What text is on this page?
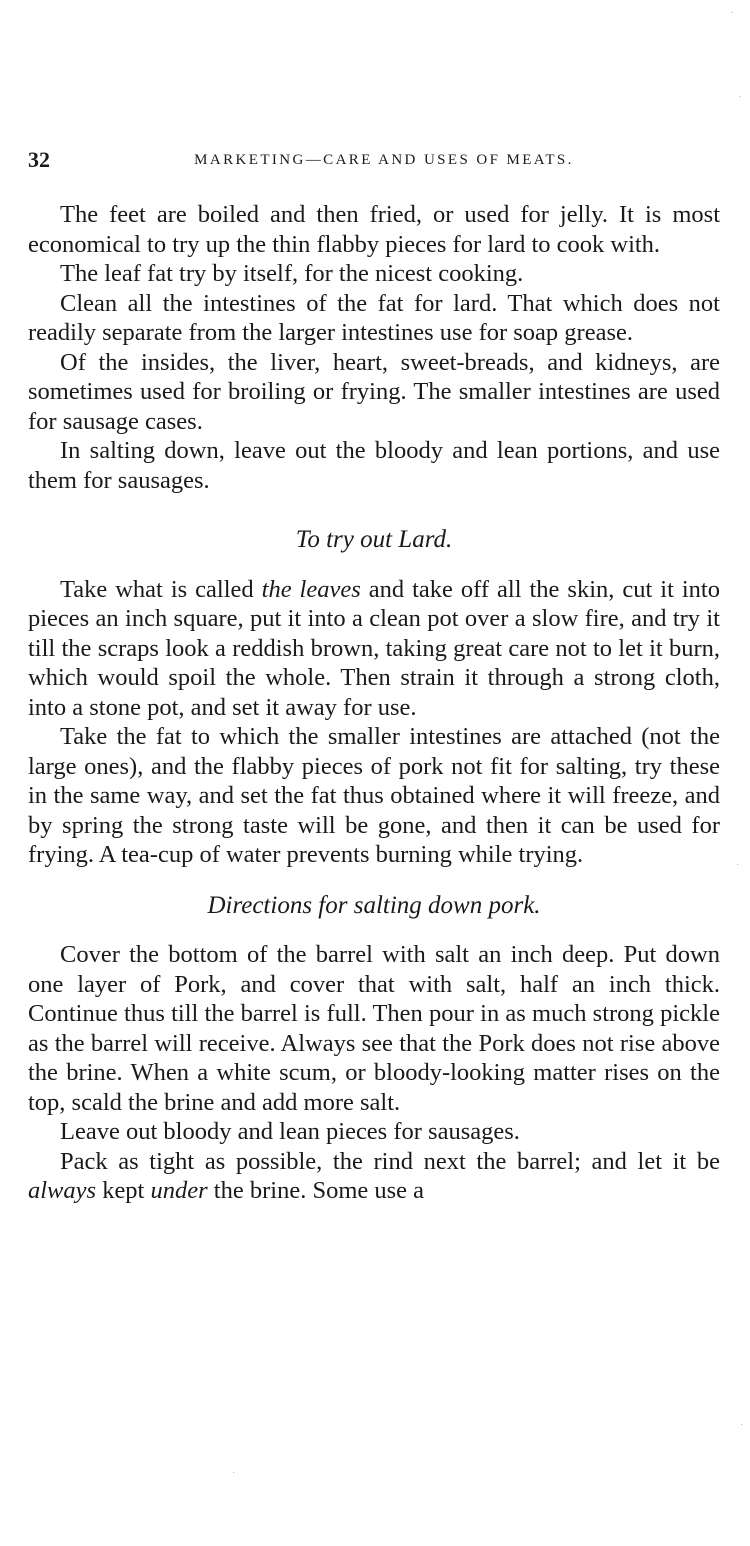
32	MARKETING—CARE AND USES OF MEATS.

The feet are boiled and then fried, or used for jelly. It is most economical to try up the thin flabby pieces for lard to cook with.

The leaf fat try by itself, for the nicest cooking.

Clean all the intestines of the fat for lard. That which does not readily separate from the larger intestines use for soap grease.

Of the insides, the liver, heart, sweet-breads, and kidneys, are sometimes used for broiling or frying. The smaller intestines are used for sausage cases.

In salting down, leave out the bloody and lean portions, and use them for sausages.

To try out Lard.

Take what is called the leaves and take off all the skin, cut it into pieces an inch square, put it into a clean pot over a slow fire, and try it till the scraps look a reddish brown, taking great care not to let it burn, which would spoil the whole. Then strain it through a strong cloth, into a stone pot, and set it away for use.

Take the fat to which the smaller intestines are attached (not the large ones), and the flabby pieces of pork not fit for salting, try these in the same way, and set the fat thus obtained where it will freeze, and by spring the strong taste will be gone, and then it can be used for frying. A tea-cup of water prevents burning while trying.

Directions for salting down pork.

Cover the bottom of the barrel with salt an inch deep. Put down one layer of Pork, and cover that with salt, half an inch thick. Continue thus till the barrel is full. Then pour in as much strong pickle as the barrel will receive. Always see that the Pork does not rise above the brine. When a white scum, or bloody-looking matter rises on the top, scald the brine and add more salt.

Leave out bloody and lean pieces for sausages.

Pack as tight as possible, the rind next the barrel; and let it be always kept under the brine. Some use a

·
·
·
·
·
